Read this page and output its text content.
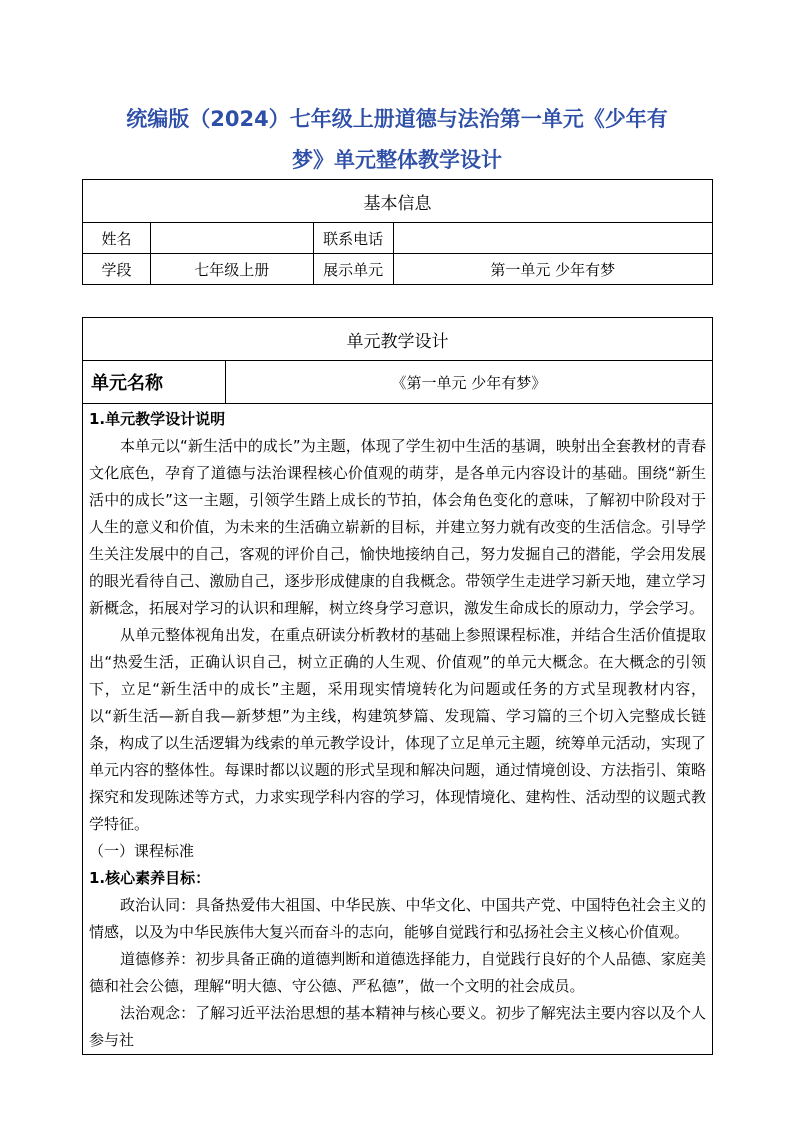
统编版（2024）七年级上册道德与法治第一单元《少年有
梦》单元整体教学设计
基本信息			
姓名		联系电话	
学段	七年级上册	展示单元	第一单元 少年有梦
单元教学设计
单元名称	《第一单元 少年有梦》

1.单元教学设计说明

本单元以“新生活中的成长”为主题，体现了学生初中生活的基调，映射出全套教材的青春文化底色，孕育了道德与法治课程核心价值观的萌芽，是各单元内容设计的基础。围绕“新生活中的成长”这一主题，引领学生踏上成长的节拍，体会角色变化的意味，了解初中阶段对于人生的意义和价值，为未来的生活确立崭新的目标，并建立努力就有改变的生活信念。引导学生关注发展中的自己，客观的评价自己，愉快地接纳自己，努力发掘自己的潜能，学会用发展的眼光看待自己、激励自己，逐步形成健康的自我概念。带领学生走进学习新天地，建立学习新概念，拓展对学习的认识和理解，树立终身学习意识，激发生命成长的原动力，学会学习。

从单元整体视角出发，在重点研读分析教材的基础上参照课程标准，并结合生活价值提取出“热爱生活，正确认识自己，树立正确的人生观、价值观”的单元大概念。在大概念的引领下，立足“新生活中的成长”主题，采用现实情境转化为问题或任务的方式呈现教材内容，以“新生活—新自我—新梦想”为主线，构建筑梦篇、发现篇、学习篇的三个切入完整成长链条，构成了以生活逻辑为线索的单元教学设计，体现了立足单元主题，统筹单元活动，实现了单元内容的整体性。每课时都以议题的形式呈现和解决问题，通过情境创设、方法指引、策略探究和发现陈述等方式，力求实现学科内容的学习，体现情境化、建构性、活动型的议题式教学特征。

（一）课程标准

1.核心素养目标：

政治认同：具备热爱伟大祖国、中华民族、中华文化、中国共产党、中国特色社会主义的情感，以及为中华民族伟大复兴而奋斗的志向，能够自觉践行和弘扬社会主义核心价值观。

道德修养：初步具备正确的道德判断和道德选择能力，自觉践行良好的个人品德、家庭美德和社会公德，理解“明大德、守公德、严私德”，做一个文明的社会成员。

法治观念：了解习近平法治思想的基本精神与核心要义。初步了解宪法主要内容以及个人参与社
